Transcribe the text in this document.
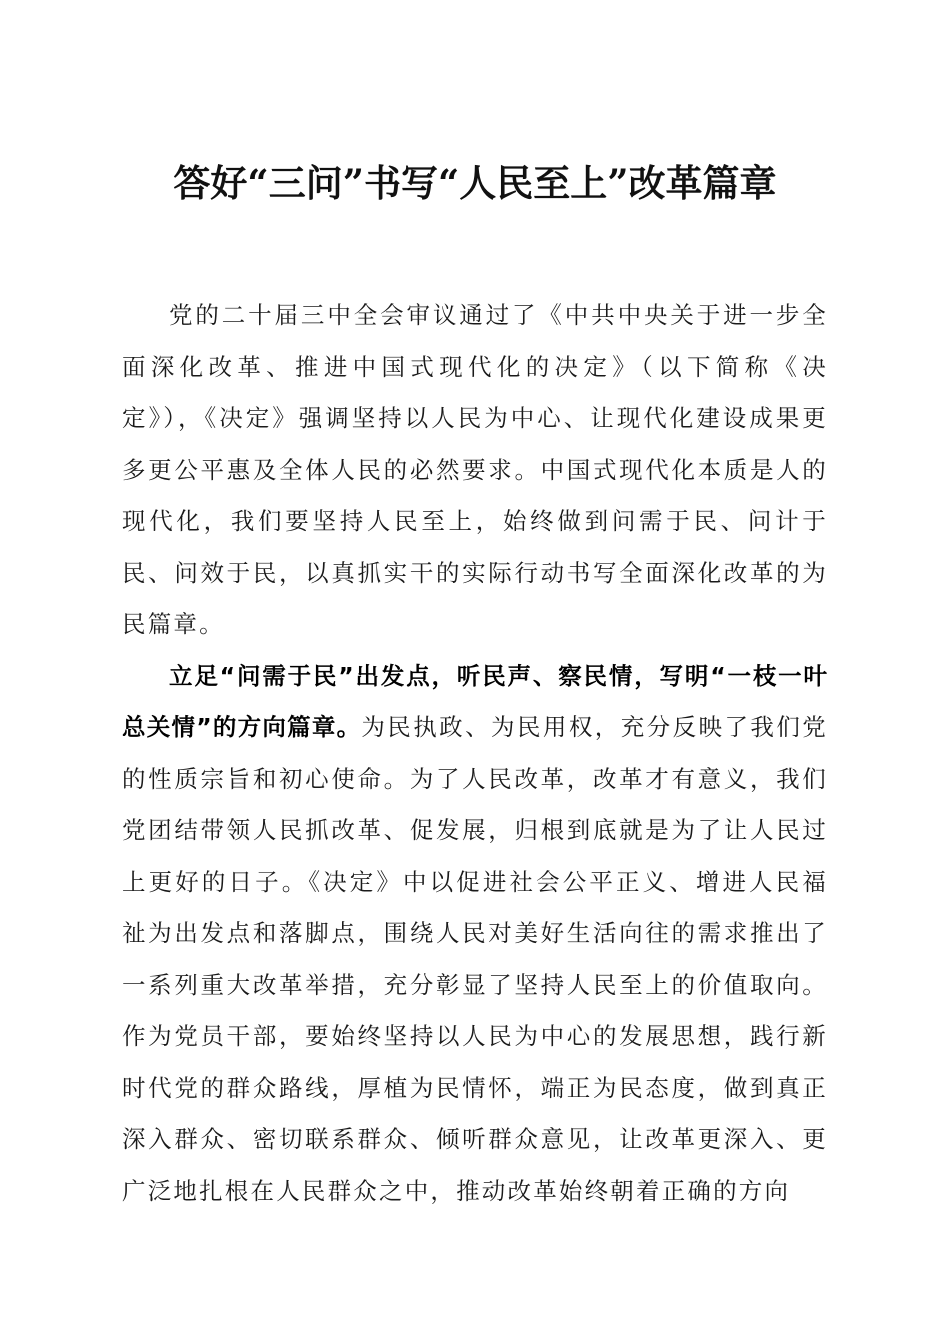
答好“三问”书写“人民至上”改革篇章

党的二十届三中全会审议通过了《中共中央关于进一步全面深化改革、推进中国式现代化的决定》（以下简称《决定》），《决定》强调坚持以人民为中心、让现代化建设成果更多更公平惠及全体人民的必然要求。中国式现代化本质是人的现代化，我们要坚持人民至上，始终做到问需于民、问计于民、问效于民，以真抓实干的实际行动书写全面深化改革的为民篇章。

立足“问需于民”出发点，听民声、察民情，写明“一枝一叶总关情”的方向篇章。为民执政、为民用权，充分反映了我们党的性质宗旨和初心使命。为了人民改革，改革才有意义，我们党团结带领人民抓改革、促发展，归根到底就是为了让人民过上更好的日子。《决定》中以促进社会公平正义、增进人民福祉为出发点和落脚点，围绕人民对美好生活向往的需求推出了一系列重大改革举措，充分彰显了坚持人民至上的价值取向。作为党员干部，要始终坚持以人民为中心的发展思想，践行新时代党的群众路线，厚植为民情怀，端正为民态度，做到真正深入群众、密切联系群众、倾听群众意见，让改革更深入、更广泛地扎根在人民群众之中，推动改革始终朝着正确的方向
